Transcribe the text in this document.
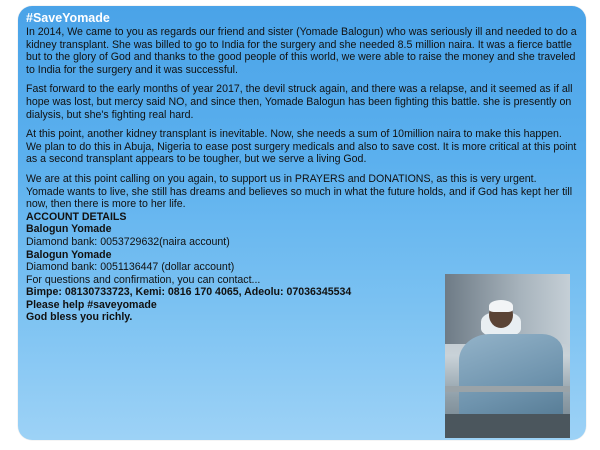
#SaveYomade

In 2014, We came to you as regards our friend and sister (Yomade Balogun) who was seriously ill and needed to do a kidney transplant. She was billed to go to India for the surgery and she needed 8.5 million naira. It was a fierce battle but to the glory of God and thanks to the good people of this world, we were able to raise the money and she traveled to India for the surgery and it was successful.

Fast forward to the early months of year 2017, the devil struck again, and there was a relapse, and it seemed as if all hope was lost, but mercy said NO, and since then, Yomade Balogun has been fighting this battle. she is presently on dialysis, but she's fighting real hard.

At this point, another kidney transplant is inevitable. Now, she needs a sum of 10million naira to make this happen. We plan to do this in Abuja, Nigeria to ease post surgery medicals and also to save cost. It is more critical at this point as a second transplant appears to be tougher, but we serve a living God.

We are at this point calling on you again, to support us in PRAYERS and DONATIONS, as this is very urgent.

Yomade wants to live, she still has dreams and believes so much in what the future holds, and if God has kept her till now, then there is more to her life.

ACCOUNT DETAILS
Balogun Yomade
Diamond bank: 0053729632(naira account)
Balogun Yomade
Diamond bank: 0051136447 (dollar account)
For questions and confirmation, you can contact...
Bimpe: 08130733723, Kemi: 0816 170 4065, Adeolu: 07036345534
Please help #saveyomade
God bless you richly.
